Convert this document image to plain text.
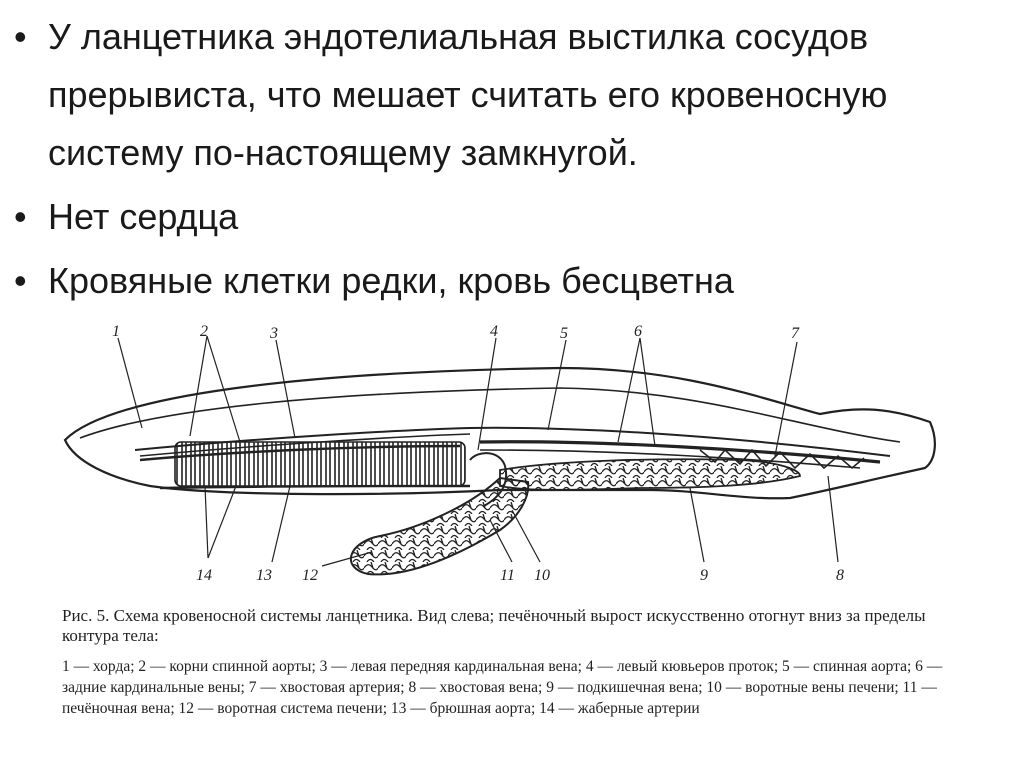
• У ланцетника эндотелиальная выстилка сосудов прерывиста, что мешает считать его кровеносную систему по-настоящему замкнуrой.
• Нет сердца
• Кровяные клетки редки, кровь бесцветна
1	2	3	4	5	6	7
8
9
10
11
12
13
14

Рис. 5. Схема кровеносной системы ланцетника. Вид слева; печёночный вырост искусственно отогнут вниз за пределы контура тела:

1 — хорда; 2 — корни спинной аорты; 3 — левая передняя кардинальная вена; 4 — левый кювьеров проток; 5 — спинная аорта; 6 — задние кардинальные вены; 7 — хвостовая артерия; 8 — хвостовая вена; 9 — подкишечная вена; 10 — воротные вены печени; 11 — печёночная вена; 12 — воротная система печени; 13 — брюшная аорта; 14 — жаберные артерии
